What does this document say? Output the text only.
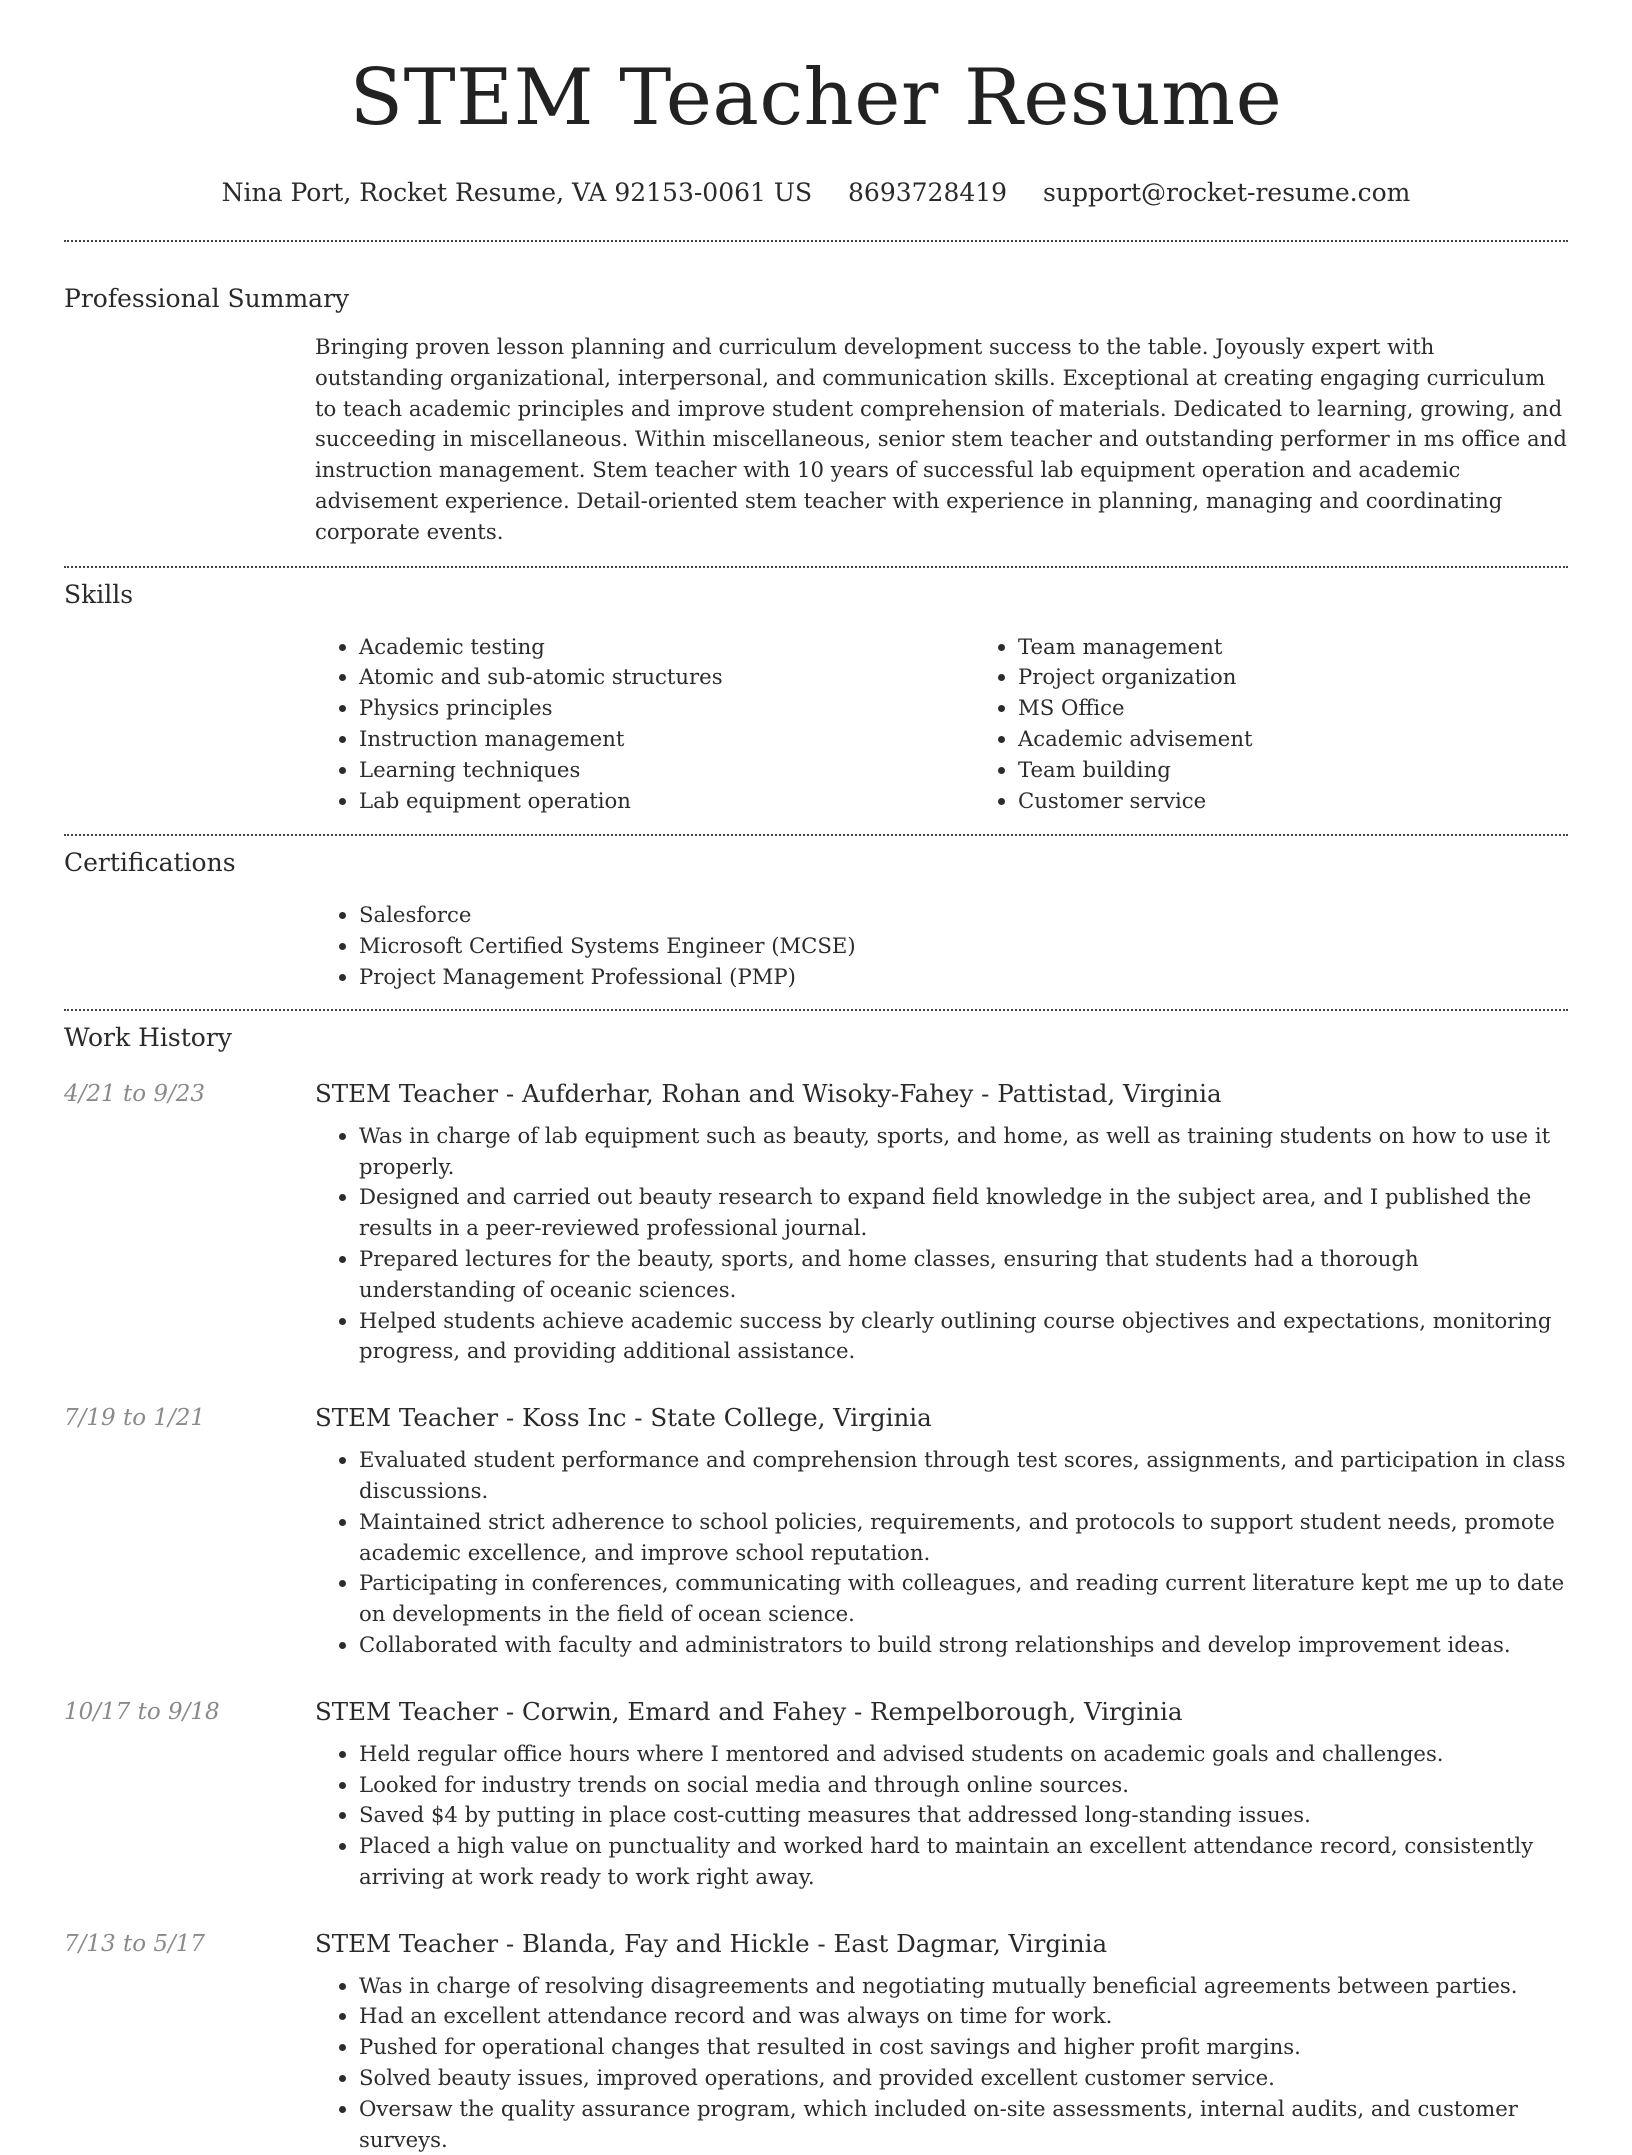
STEM Teacher Resume
Nina Port, Rocket Resume, VA 92153-0061 US 8693728419 support@rocket-resume.com
Professional Summary

Bringing proven lesson planning and curriculum development success to the table. Joyously expert with outstanding organizational, interpersonal, and communication skills. Exceptional at creating engaging curriculum to teach academic principles and improve student comprehension of materials. Dedicated to learning, growing, and succeeding in miscellaneous. Within miscellaneous, senior stem teacher and outstanding performer in ms office and instruction management. Stem teacher with 10 years of successful lab equipment operation and academic advisement experience. Detail-oriented stem teacher with experience in planning, managing and coordinating corporate events.

Skills
• Academic testing
• Atomic and sub-atomic structures
• Physics principles
• Instruction management
• Learning techniques
• Lab equipment operation
• Team management
• Project organization
• MS Office
• Academic advisement
• Team building
• Customer service
Certifications
• Salesforce
• Microsoft Certified Systems Engineer (MCSE)
• Project Management Professional (PMP)
Work History
4/21 to 9/23	STEM Teacher - Aufderhar, Rohan and Wisoky-Fahey - Pattistad, Virginia
• Was in charge of lab equipment such as beauty, sports, and home, as well as training students on how to use it properly.
• Designed and carried out beauty research to expand field knowledge in the subject area, and I published the results in a peer-reviewed professional journal.
• Prepared lectures for the beauty, sports, and home classes, ensuring that students had a thorough understanding of oceanic sciences.
• Helped students achieve academic success by clearly outlining course objectives and expectations, monitoring progress, and providing additional assistance.
7/19 to 1/21	STEM Teacher - Koss Inc - State College, Virginia
• Evaluated student performance and comprehension through test scores, assignments, and participation in class discussions.
• Maintained strict adherence to school policies, requirements, and protocols to support student needs, promote academic excellence, and improve school reputation.
• Participating in conferences, communicating with colleagues, and reading current literature kept me up to date on developments in the field of ocean science.
• Collaborated with faculty and administrators to build strong relationships and develop improvement ideas.
10/17 to 9/18	STEM Teacher - Corwin, Emard and Fahey - Rempelborough, Virginia
• Held regular office hours where I mentored and advised students on academic goals and challenges.
• Looked for industry trends on social media and through online sources.
• Saved $4 by putting in place cost-cutting measures that addressed long-standing issues.
• Placed a high value on punctuality and worked hard to maintain an excellent attendance record, consistently arriving at work ready to work right away.
7/13 to 5/17	STEM Teacher - Blanda, Fay and Hickle - East Dagmar, Virginia
• Was in charge of resolving disagreements and negotiating mutually beneficial agreements between parties.
• Had an excellent attendance record and was always on time for work.
• Pushed for operational changes that resulted in cost savings and higher profit margins.
• Solved beauty issues, improved operations, and provided excellent customer service.
• Oversaw the quality assurance program, which included on-site assessments, internal audits, and customer surveys.
